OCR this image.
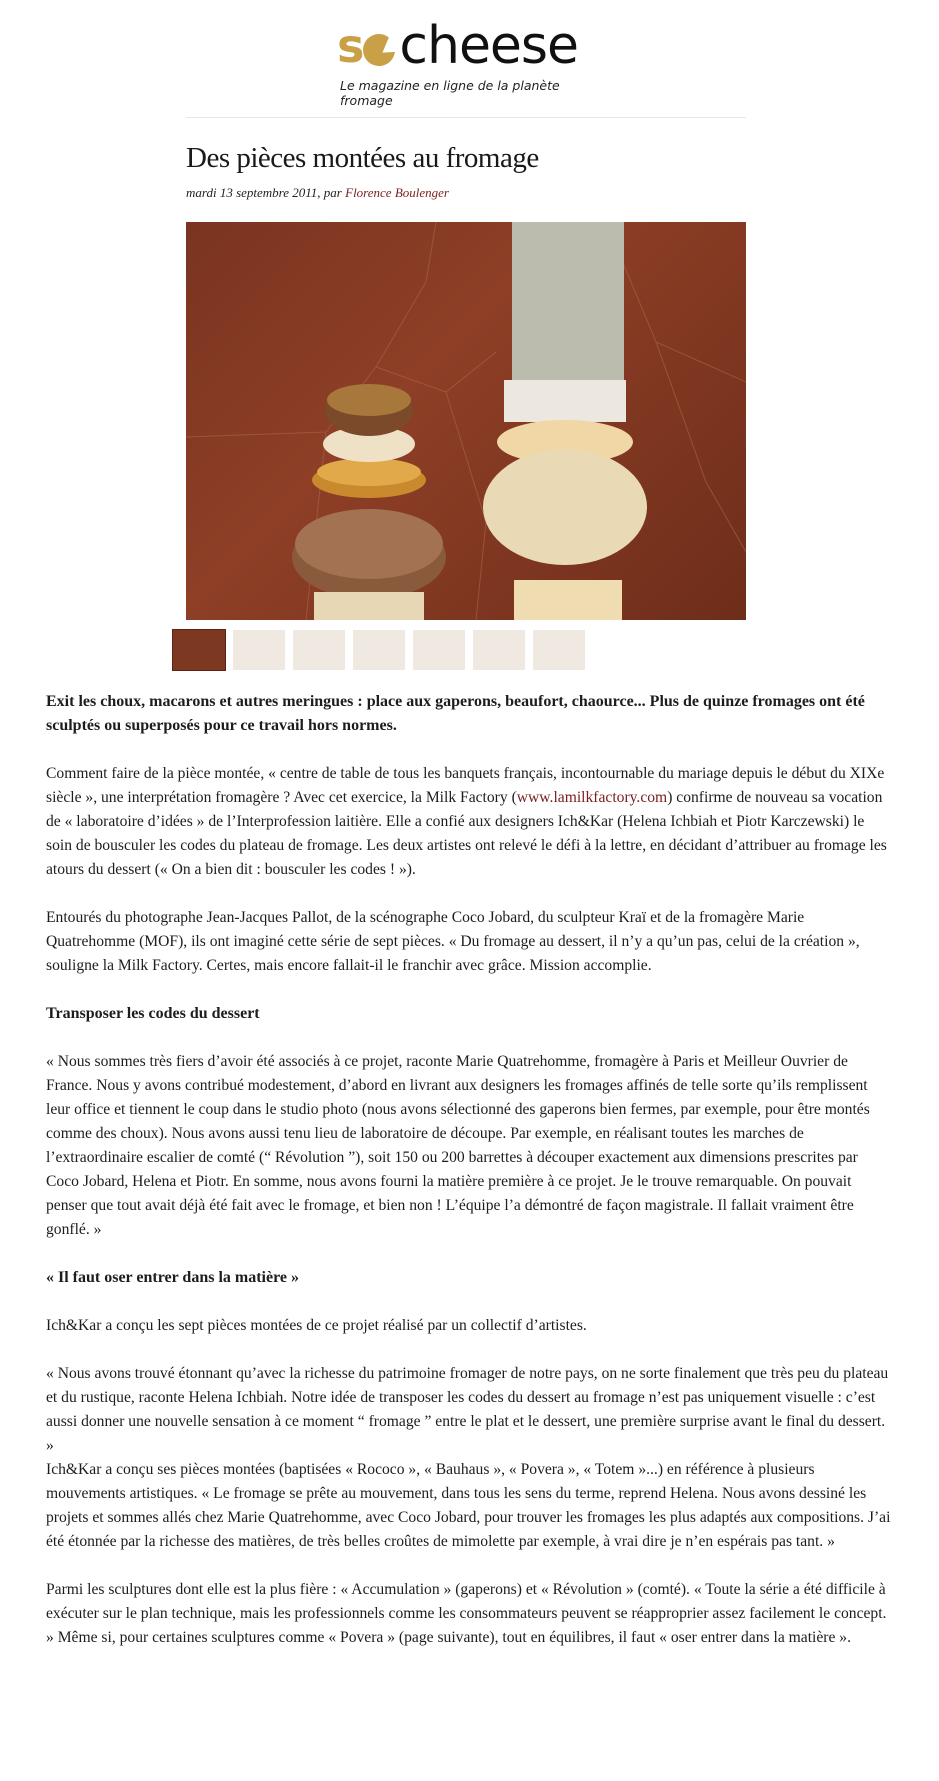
s cheese
Le magazine en ligne de la planète fromage
Des pièces montées au fromage
mardi 13 septembre 2011, par Florence Boulenger

Exit les choux, macarons et autres meringues : place aux gaperons, beaufort, chaource... Plus de quinze fromages ont été sculptés ou superposés pour ce travail hors normes.

Comment faire de la pièce montée, « centre de table de tous les banquets français, incontournable du mariage depuis le début du XIXe siècle », une interprétation fromagère ? Avec cet exercice, la Milk Factory (www.lamilkfactory.com) confirme de nouveau sa vocation de « laboratoire d’idées » de l’Interprofession laitière. Elle a confié aux designers Ich&Kar (Helena Ichbiah et Piotr Karczewski) le soin de bousculer les codes du plateau de fromage. Les deux artistes ont relevé le défi à la lettre, en décidant d’attribuer au fromage les atours du dessert (« On a bien dit : bousculer les codes ! »).

Entourés du photographe Jean-Jacques Pallot, de la scénographe Coco Jobard, du sculpteur Kraï et de la fromagère Marie Quatrehomme (MOF), ils ont imaginé cette série de sept pièces. « Du fromage au dessert, il n’y a qu’un pas, celui de la création », souligne la Milk Factory. Certes, mais encore fallait-il le franchir avec grâce. Mission accomplie.

Transposer les codes du dessert

« Nous sommes très fiers d’avoir été associés à ce projet, raconte Marie Quatrehomme, fromagère à Paris et Meilleur Ouvrier de France. Nous y avons contribué modestement, d’abord en livrant aux designers les fromages affinés de telle sorte qu’ils remplissent leur office et tiennent le coup dans le studio photo (nous avons sélectionné des gaperons bien fermes, par exemple, pour être montés comme des choux). Nous avons aussi tenu lieu de laboratoire de découpe. Par exemple, en réalisant toutes les marches de l’extraordinaire escalier de comté (“ Révolution ”), soit 150 ou 200 barrettes à découper exactement aux dimensions prescrites par Coco Jobard, Helena et Piotr. En somme, nous avons fourni la matière première à ce projet. Je le trouve remarquable. On pouvait penser que tout avait déjà été fait avec le fromage, et bien non ! L’équipe l’a démontré de façon magistrale. Il fallait vraiment être gonflé. »

« Il faut oser entrer dans la matière »

Ich&Kar a conçu les sept pièces montées de ce projet réalisé par un collectif d’artistes.

« Nous avons trouvé étonnant qu’avec la richesse du patrimoine fromager de notre pays, on ne sorte finalement que très peu du plateau et du rustique, raconte Helena Ichbiah. Notre idée de transposer les codes du dessert au fromage n’est pas uniquement visuelle : c’est aussi donner une nouvelle sensation à ce moment “ fromage ” entre le plat et le dessert, une première surprise avant le final du dessert. »
Ich&Kar a conçu ses pièces montées (baptisées « Rococo », « Bauhaus », « Povera », « Totem »...) en référence à plusieurs mouvements artistiques. « Le fromage se prête au mouvement, dans tous les sens du terme, reprend Helena. Nous avons dessiné les projets et sommes allés chez Marie Quatrehomme, avec Coco Jobard, pour trouver les fromages les plus adaptés aux compositions. J’ai été étonnée par la richesse des matières, de très belles croûtes de mimolette par exemple, à vrai dire je n’en espérais pas tant. »

Parmi les sculptures dont elle est la plus fière : « Accumulation » (gaperons) et « Révolution » (comté). « Toute la série a été difficile à exécuter sur le plan technique, mais les professionnels comme les consommateurs peuvent se réapproprier assez facilement le concept. » Même si, pour certaines sculptures comme « Povera » (page suivante), tout en équilibres, il faut « oser entrer dans la matière ».
